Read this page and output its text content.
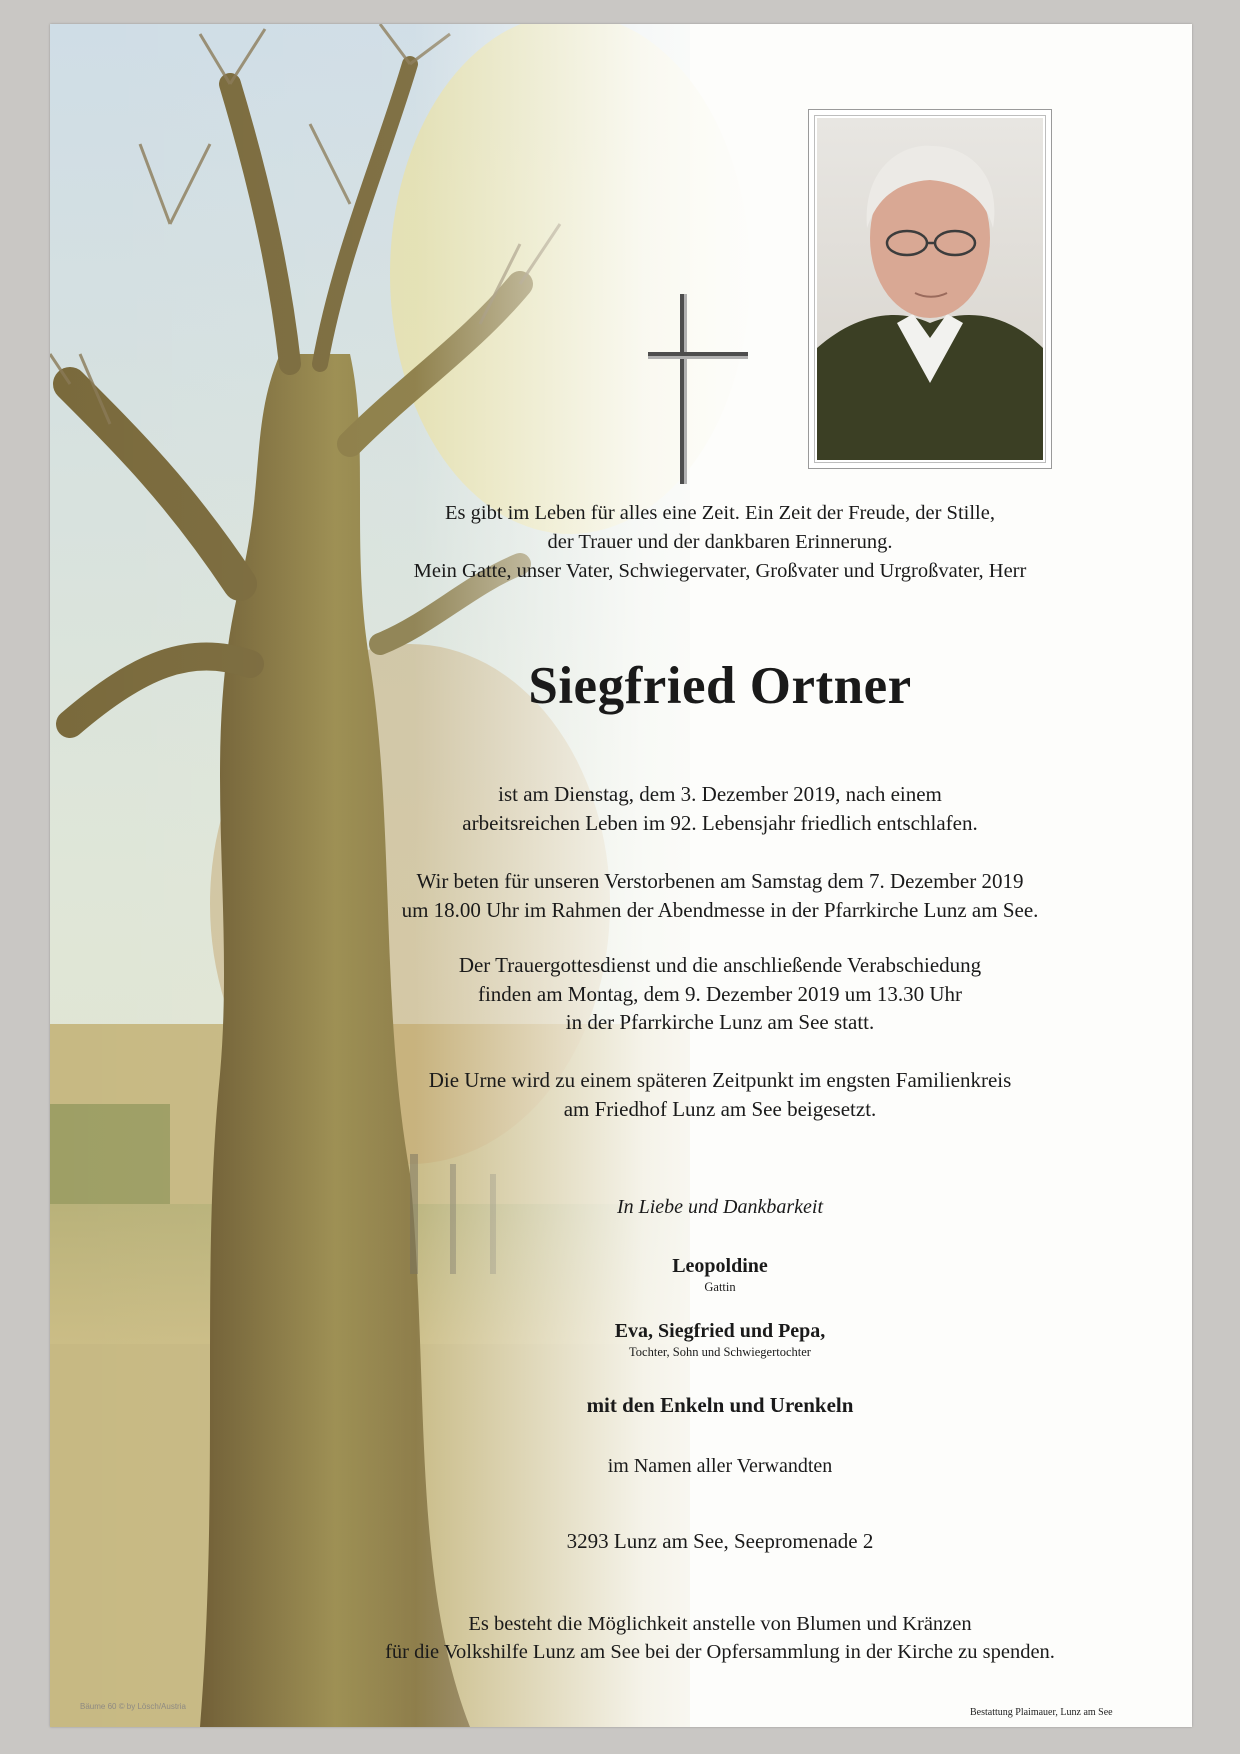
Es gibt im Leben für alles eine Zeit. Ein Zeit der Freude, der Stille,
der Trauer und der dankbaren Erinnerung.
Mein Gatte, unser Vater, Schwiegervater, Großvater und Urgroßvater, Herr
Siegfried Ortner
ist am Dienstag, dem 3. Dezember 2019, nach einem
arbeitsreichen Leben im 92. Lebensjahr friedlich entschlafen.
Wir beten für unseren Verstorbenen am Samstag dem 7. Dezember 2019
um 18.00 Uhr im Rahmen der Abendmesse in der Pfarrkirche Lunz am See.
Der Trauergottesdienst und die anschließende Verabschiedung
finden am Montag, dem 9. Dezember 2019 um 13.30 Uhr
in der Pfarrkirche Lunz am See statt.
Die Urne wird zu einem späteren Zeitpunkt im engsten Familienkreis
am Friedhof Lunz am See beigesetzt.
In Liebe und Dankbarkeit
Leopoldine
Gattin
Eva, Siegfried und Pepa,
Tochter, Sohn und Schwiegertochter
mit den Enkeln und Urenkeln
im Namen aller Verwandten
3293 Lunz am See, Seepromenade 2
Es besteht die Möglichkeit anstelle von Blumen und Kränzen
für die Volkshilfe Lunz am See bei der Opfersammlung in der Kirche zu spenden.
Bäume 60 © by Lösch/Austria
Bestattung Plaimauer, Lunz am See
